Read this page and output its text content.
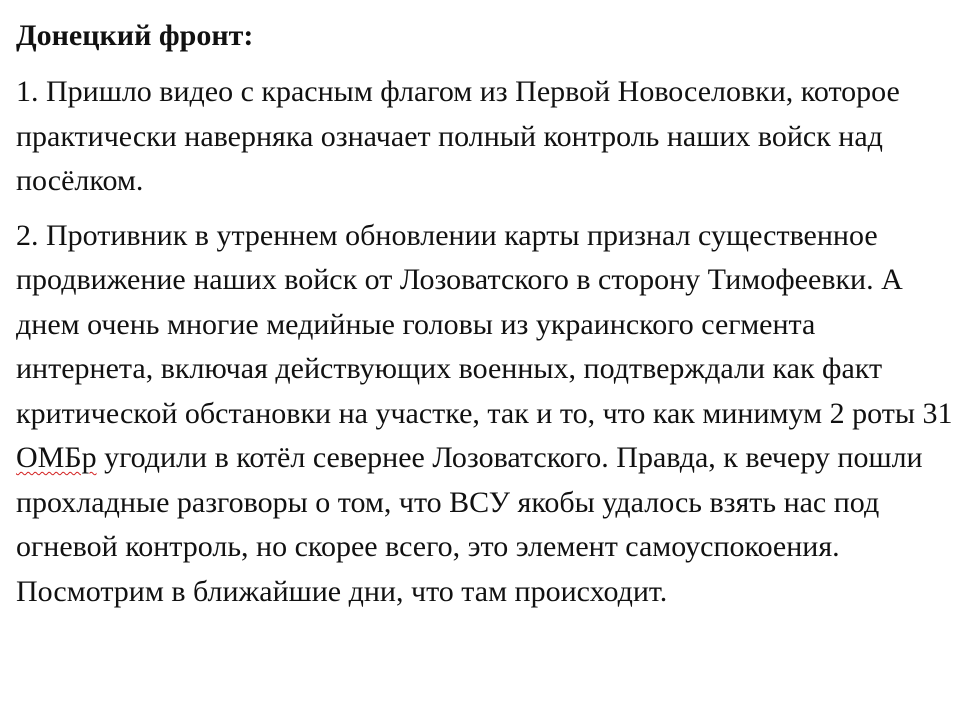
Донецкий фронт:

1. Пришло видео с красным флагом из Первой Новоселовки, которое практически наверняка означает полный контроль наших войск над посёлком.

2. Противник в утреннем обновлении карты признал существенное продвижение наших войск от Лозоватского в сторону Тимофеевки. А днем очень многие медийные головы из украинского сегмента интернета, включая действующих военных, подтверждали как факт критической обстановки на участке, так и то, что как минимум 2 роты 31 ОМБр угодили в котёл севернее Лозоватского. Правда, к вечеру пошли прохладные разговоры о том, что ВСУ якобы удалось взять нас под огневой контроль, но скорее всего, это элемент самоуспокоения. Посмотрим в ближайшие дни, что там происходит.
